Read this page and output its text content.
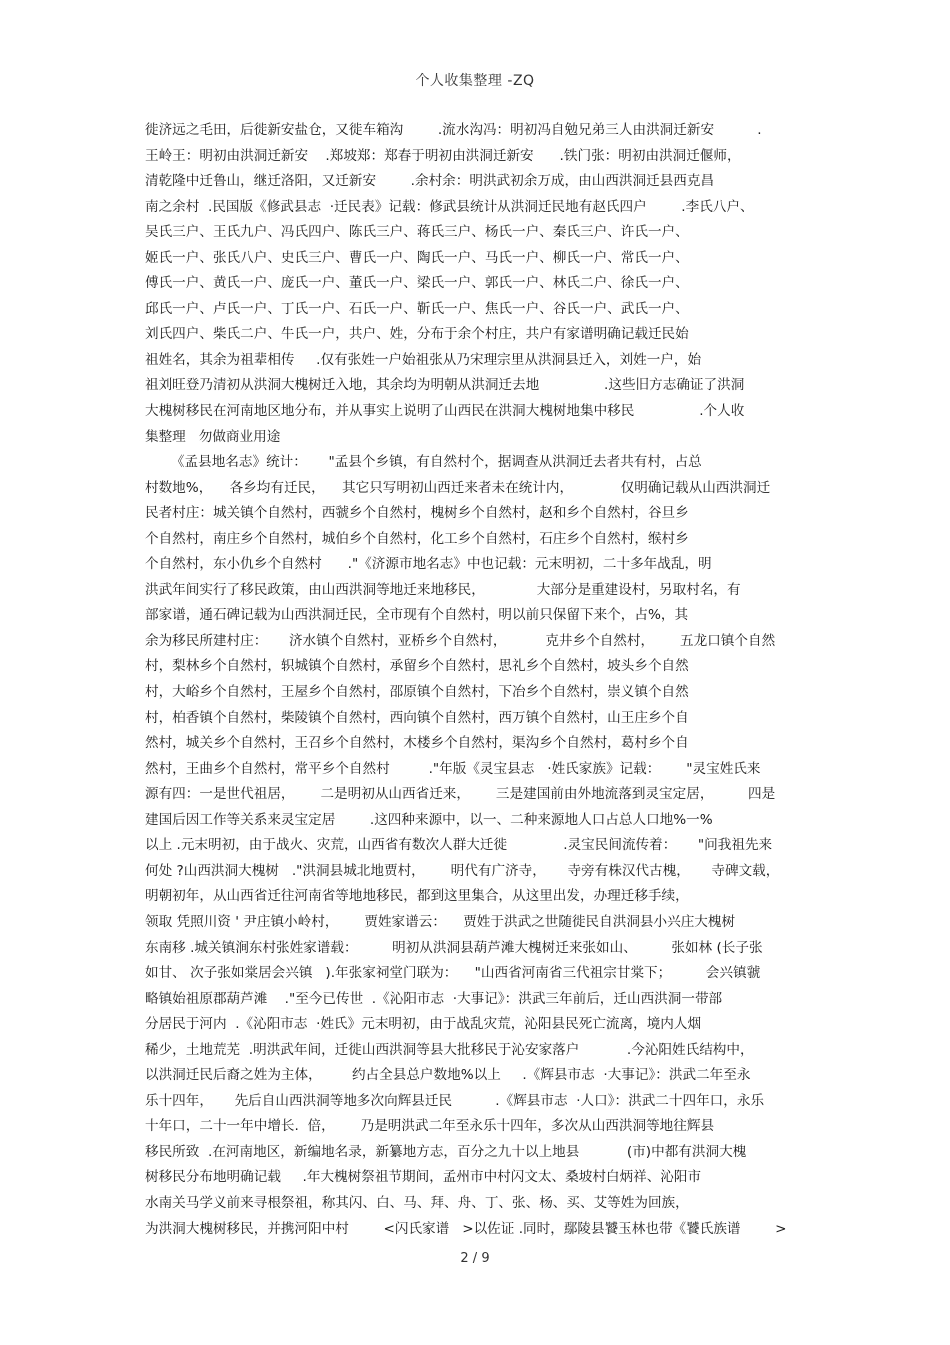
个人收集整理 -ZQ
徙济远之毛田，后徙新安盐仓，又徙车箱沟        .流水沟冯：明初冯自勉兄弟三人由洪洞迁新安          .
王岭王：明初由洪洞迁新安    .郑坡郑：郑春于明初由洪洞迁新安      .铁门张：明初由洪洞迁偃师，
清乾隆中迁鲁山，继迁洛阳，又迁新安        .余村余：明洪武初余万成，由山西洪洞迁县西克昌
南之余村  .民国版《修武县志  ·迁民表》记载：修武县统计从洪洞迁民地有赵氏四户        .李氏八户、
吴氏三户、王氏九户、冯氏四户、陈氏三户、蒋氏三户、杨氏一户、秦氏三户、许氏一户、
姬氏一户、张氏八户、史氏三户、曹氏一户、陶氏一户、马氏一户、柳氏一户、常氏一户、
傅氏一户、黄氏一户、庞氏一户、董氏一户、梁氏一户、郭氏一户、林氏二户、徐氏一户、
邱氏一户、卢氏一户、丁氏一户、石氏一户、靳氏一户、焦氏一户、谷氏一户、武氏一户、
刘氏四户、柴氏二户、牛氏一户，共户、姓，分布于余个村庄，共户有家谱明确记载迁民始
祖姓名，其余为祖辈相传     .仅有张姓一户始祖张从乃宋理宗里从洪洞县迁入，刘姓一户，始
祖刘旺登乃清初从洪洞大槐树迁入地，其余均为明朝从洪洞迁去地               .这些旧方志确证了洪洞
大槐树移民在河南地区地分布，并从事实上说明了山西民在洪洞大槐树地集中移民               .个人收
集整理   勿做商业用途
《孟县地名志》统计：     "孟县个乡镇，有自然村个，据调查从洪洞迁去者共有村，占总
村数地%，    各乡均有迁民，    其它只写明初山西迁来者未在统计内，           仅明确记载从山西洪洞迁
民者村庄：城关镇个自然村，西虢乡个自然村，槐树乡个自然村，赵和乡个自然村，谷旦乡
个自然村，南庄乡个自然村，城伯乡个自然村，化工乡个自然村，石庄乡个自然村，缑村乡
个自然村，东小仇乡个自然村      ."《济源市地名志》中也记载：元末明初，二十多年战乱，明
洪武年间实行了移民政策，由山西洪洞等地迁来地移民，            大部分是重建设村，另取村名，有
部家谱，通石碑记载为山西洪洞迁民，全市现有个自然村，明以前只保留下来个，占%，其
余为移民所建村庄：     济水镇个自然村，亚桥乡个自然村，         克井乡个自然村，      五龙口镇个自然
村，梨林乡个自然村，轵城镇个自然村，承留乡个自然村，思礼乡个自然村，坡头乡个自然
村，大峪乡个自然村，王屋乡个自然村，邵原镇个自然村，下冶乡个自然村，崇义镇个自然
村，柏香镇个自然村，柴陵镇个自然村，西向镇个自然村，西万镇个自然村，山王庄乡个自
然村，城关乡个自然村，王召乡个自然村，木楼乡个自然村，渠沟乡个自然村，葛村乡个自
然村，王曲乡个自然村，常平乡个自然村         ."年版《灵宝县志   ·姓氏家族》记载：      "灵宝姓氏来
源有四：一是世代祖居，      二是明初从山西省迁来，      三是建国前由外地流落到灵宝定居，        四是
建国后因工作等关系来灵宝定居        .这四种来源中，以一、二种来源地人口占总人口地%一%
以上 .元末明初，由于战火、灾荒，山西省有数次人群大迁徙             .灵宝民间流传着：     "问我祖先来
何处 ?山西洪洞大槐树   ."洪洞县城北地贾村，      明代有广济寺，     寺旁有株汉代古槐，     寺碑文载，
明朝初年，从山西省迁往河南省等地地移民，都到这里集合，从这里出发，办理迁移手续，
领取 凭照川资 ' 尹庄镇小岭村，      贾姓家谱云：    贾姓于洪武之世随徙民自洪洞县小兴庄大槐树
东南移 .城关镇涧东村张姓家谱载：        明初从洪洞县葫芦滩大槐树迁来张如山、        张如林 (长子张
如甘、 次子张如棠居会兴镇   ).年张家祠堂门联为：    "山西省河南省三代祖宗甘棠下；        会兴镇虢
略镇始祖原郡葫芦滩    ."至今已传世  .《沁阳市志  ·大事记》：洪武三年前后，迁山西洪洞一带部
分居民于河内  .《沁阳市志  ·姓氏》元末明初，由于战乱灾荒，沁阳县民死亡流离，境内人烟
稀少，土地荒芜  .明洪武年间，迁徙山西洪洞等县大批移民于沁安家落户           .今沁阳姓氏结构中，
以洪洞迁民后裔之姓为主体，       约占全县总户数地%以上     .《辉县市志  ·大事记》：洪武二年至永
乐十四年，     先后自山西洪洞等地多次向辉县迁民          .《辉县市志  ·人口》：洪武二十四年口，永乐
十年口，二十一年中增长.  倍，      乃是明洪武二年至永乐十四年，多次从山西洪洞等地往辉县
移民所致  .在河南地区，新编地名录，新纂地方志，百分之九十以上地县           (市)中都有洪洞大槐
树移民分布地明确记载     .年大槐树祭祖节期间，孟州市中村闪文太、桑坡村白炳祥、沁阳市
水南关马学义前来寻根祭祖，称其闪、白、马、拜、舟、丁、张、杨、买、艾等姓为回族，
为洪洞大槐树移民，并携河阳中村        <闪氏家谱   >以佐证 .同时，鄢陵县饕玉林也带《饕氏族谱        >
2 / 9
